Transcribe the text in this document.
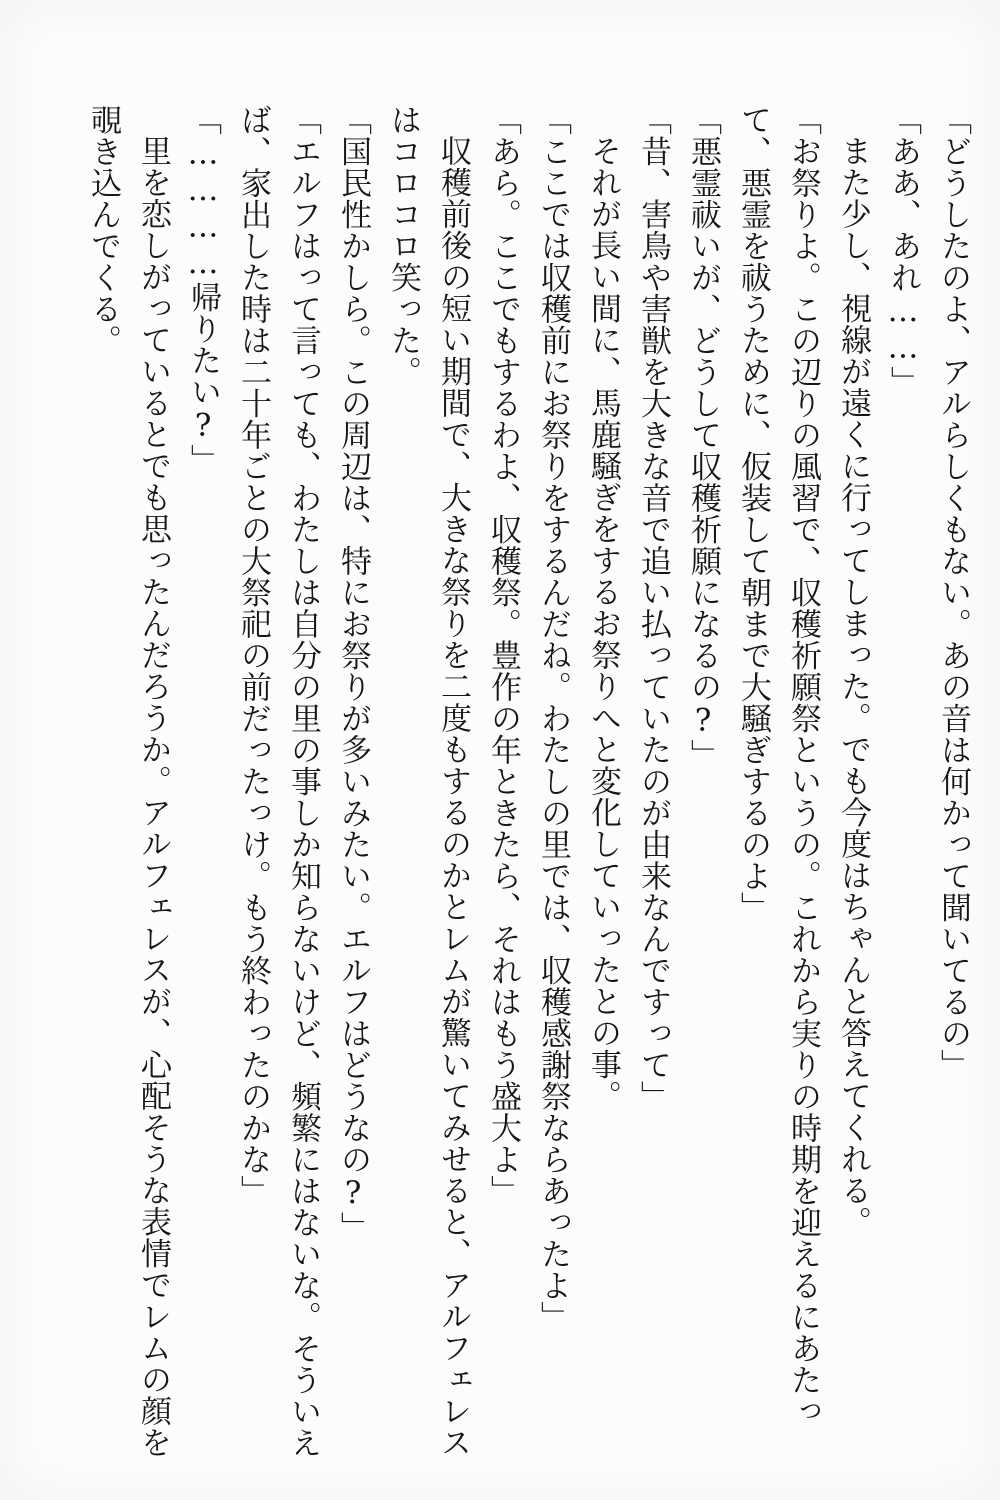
「どうしたのよ、アルらしくもない。あの音は何かって聞いてるの」

「ああ、あれ……」

また少し、視線が遠くに行ってしまった。でも今度はちゃんと答えてくれる。

「お祭りよ。この辺りの風習で、収穫祈願祭というの。これから実りの時期を迎えるにあたっ

て、悪霊を祓うために、仮装して朝まで大騒ぎするのよ」

「悪霊祓いが、どうして収穫祈願になるの?」

「昔、害鳥や害獣を大きな音で追い払っていたのが由来なんですって」

それが長い間に、馬鹿騒ぎをするお祭りへと変化していったとの事。

「ここでは収穫前にお祭りをするんだね。わたしの里では、収穫感謝祭ならあったよ」

「あら。ここでもするわよ、収穫祭。豊作の年ときたら、それはもう盛大よ」

収穫前後の短い期間で、大きな祭りを二度もするのかとレムが驚いてみせると、アルフェレス

はコロコロ笑った。

「国民性かしら。この周辺は、特にお祭りが多いみたい。エルフはどうなの?」

「エルフはって言っても、わたしは自分の里の事しか知らないけど、頻繁にはないな。そういえ

ば、家出した時は二十年ごとの大祭祀の前だったっけ。もう終わったのかな」

「…………帰りたい?」

里を恋しがっているとでも思ったんだろうか。アルフェレスが、心配そうな表情でレムの顔を

覗き込んでくる。
